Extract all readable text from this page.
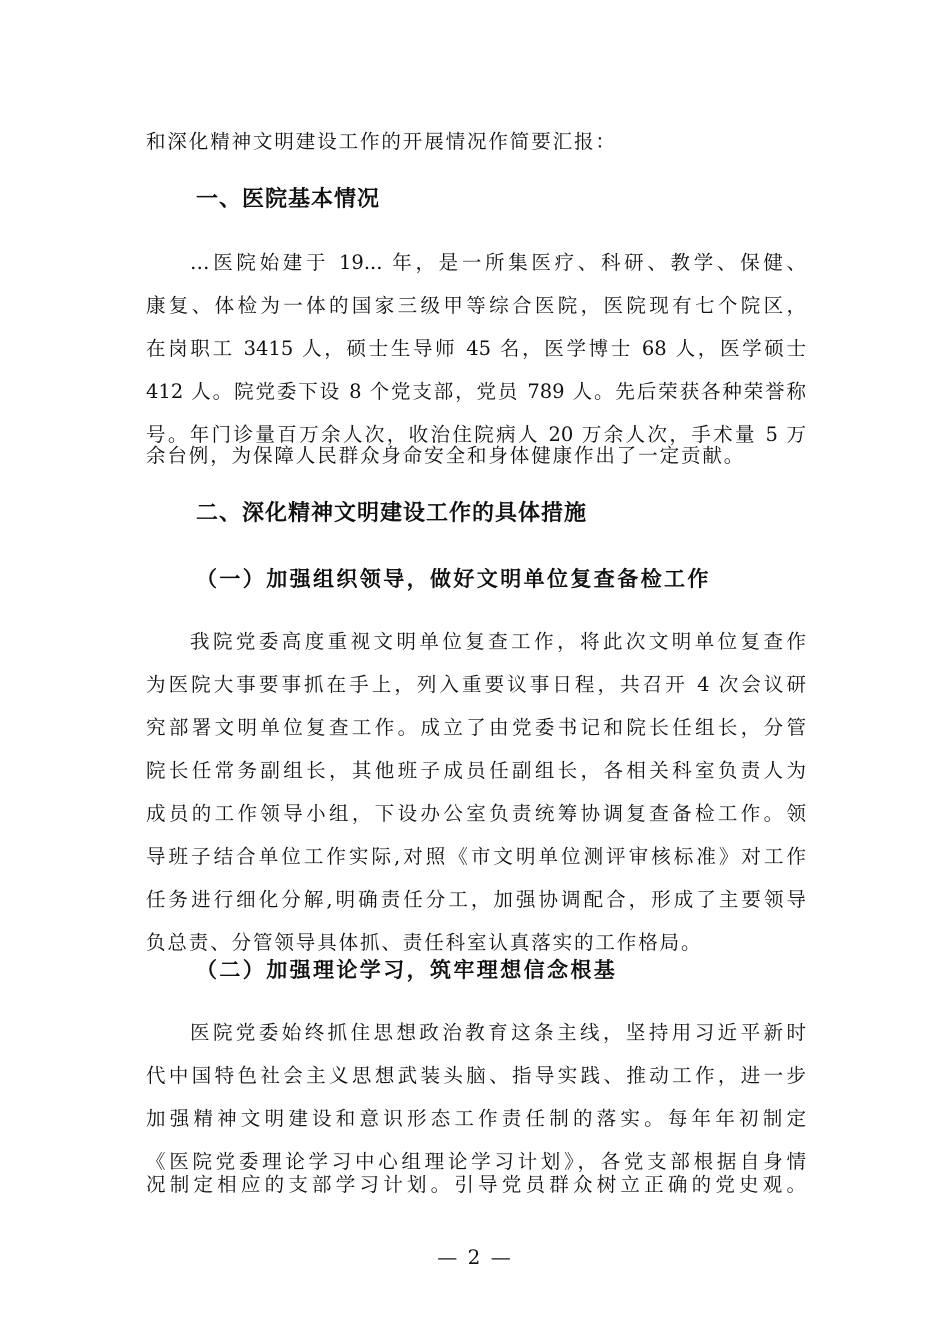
和深化精神文明建设工作的开展情况作简要汇报：
一、医院基本情况
…医院始建于 19... 年，是一所集医疗、科研、教学、保健、
康复、体检为一体的国家三级甲等综合医院，医院现有七个院区，
在岗职工 3415 人，硕士生导师 45 名，医学博士 68 人，医学硕士
412 人。院党委下设 8 个党支部，党员 789 人。先后荣获各种荣誉称
号。年门诊量百万余人次，收治住院病人 20 万余人次，手术量 5 万
余台例，为保障人民群众身命安全和身体健康作出了一定贡献。
二、深化精神文明建设工作的具体措施
（一）加强组织领导，做好文明单位复查备检工作
我院党委高度重视文明单位复查工作，将此次文明单位复查作
为医院大事要事抓在手上，列入重要议事日程，共召开 4 次会议研
究部署文明单位复查工作。成立了由党委书记和院长任组长，分管
院长任常务副组长，其他班子成员任副组长，各相关科室负责人为
成员的工作领导小组，下设办公室负责统筹协调复查备检工作。领
导班子结合单位工作实际,对照《市文明单位测评审核标准》对工作
任务进行细化分解,明确责任分工，加强协调配合，形成了主要领导
负总责、分管领导具体抓、责任科室认真落实的工作格局。
（二）加强理论学习，筑牢理想信念根基
医院党委始终抓住思想政治教育这条主线，坚持用习近平新时
代中国特色社会主义思想武装头脑、指导实践、推动工作，进一步
加强精神文明建设和意识形态工作责任制的落实。每年年初制定
《医院党委理论学习中心组理论学习计划》，各党支部根据自身情
况制定相应的支部学习计划。引导党员群众树立正确的党史观。
— 2 —
